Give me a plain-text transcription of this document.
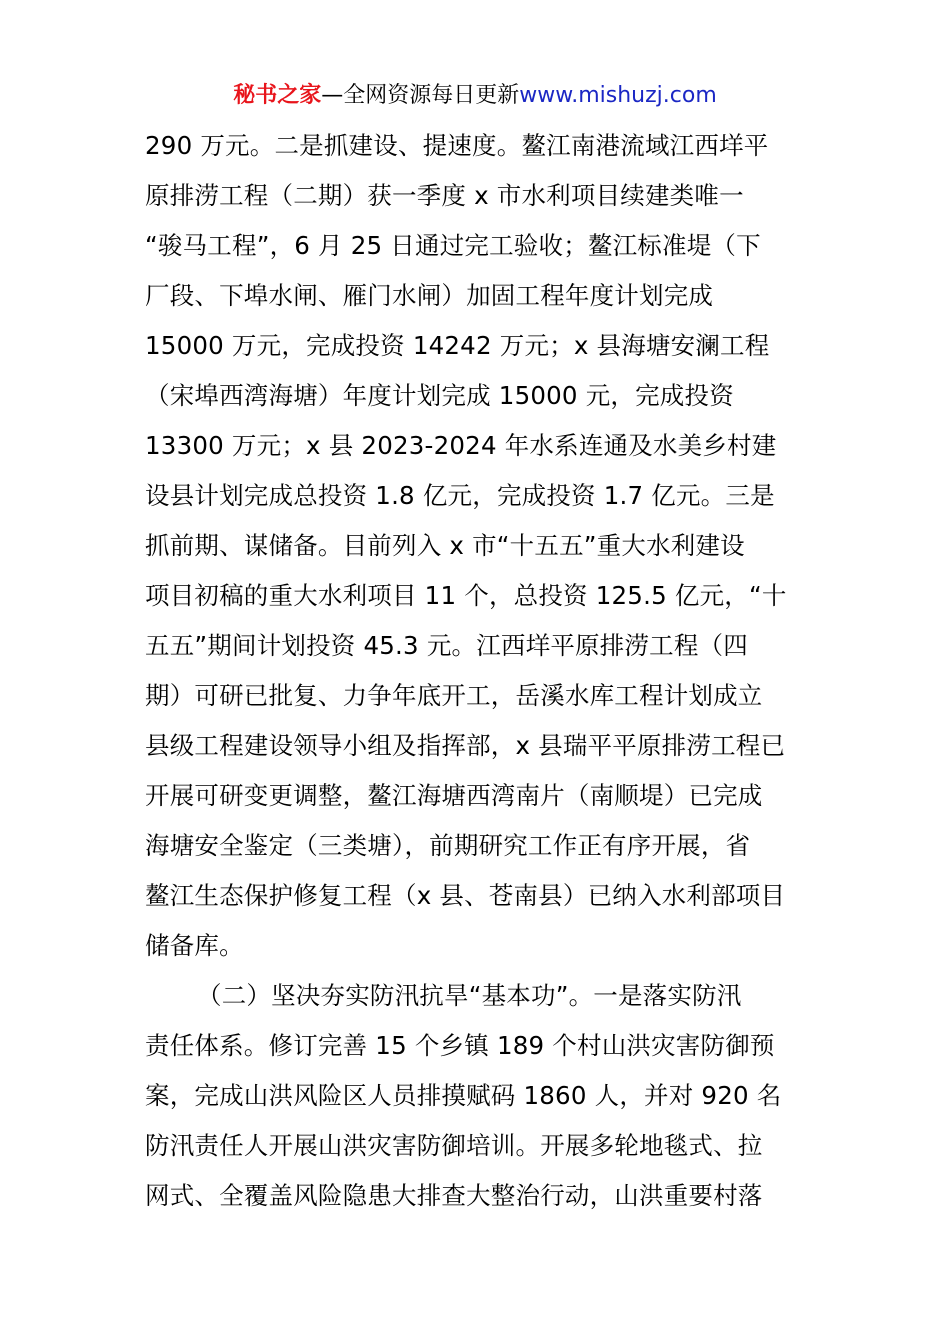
秘书之家—全网资源每日更新www.mishuzj.com
290 万元。二是抓建设、提速度。鳌江南港流域江西垟平
原排涝工程（二期）获一季度 x 市水利项目续建类唯一
“骏马工程”，6 月 25 日通过完工验收；鳌江标准堤（下
厂段、下埠水闸、雁门水闸）加固工程年度计划完成
15000 万元，完成投资 14242 万元；x 县海塘安澜工程
（宋埠西湾海塘）年度计划完成 15000 元，完成投资
13300 万元；x 县 2023-2024 年水系连通及水美乡村建
设县计划完成总投资 1.8 亿元，完成投资 1.7 亿元。三是
抓前期、谋储备。目前列入 x 市“十五五”重大水利建设
项目初稿的重大水利项目 11 个，总投资 125.5 亿元，“十
五五”期间计划投资 45.3 元。江西垟平原排涝工程（四
期）可研已批复、力争年底开工，岳溪水库工程计划成立
县级工程建设领导小组及指挥部，x 县瑞平平原排涝工程已
开展可研变更调整，鳌江海塘西湾南片（南顺堤）已完成
海塘安全鉴定（三类塘），前期研究工作正有序开展，省
鳌江生态保护修复工程（x 县、苍南县）已纳入水利部项目
储备库。
（二）坚决夯实防汛抗旱“基本功”。一是落实防汛
责任体系。修订完善 15 个乡镇 189 个村山洪灾害防御预
案，完成山洪风险区人员排摸赋码 1860 人，并对 920 名
防汛责任人开展山洪灾害防御培训。开展多轮地毯式、拉
网式、全覆盖风险隐患大排查大整治行动，山洪重要村落
